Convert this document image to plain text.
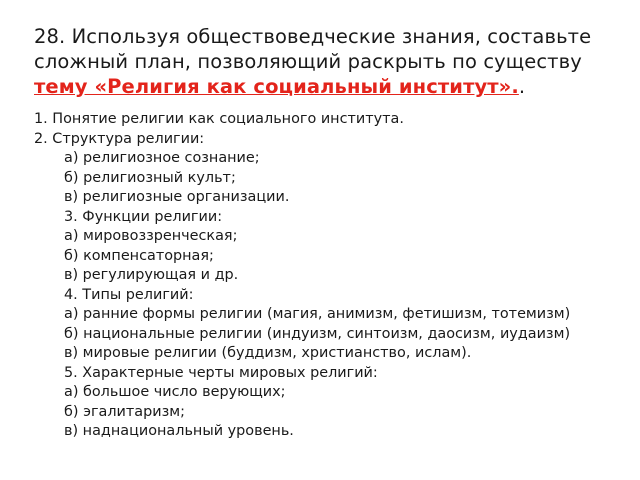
28. Используя обществоведческие знания, составьте сложный план, позволяющий раскрыть по существу тему «Религия как социальный институт»..
1. Понятие религии как социального института.
2. Структура религии:
а) религиозное сознание;
б) религиозный культ;
в) религиозные организации.
3. Функции религии:
а) мировоззренческая;
б) компенсаторная;
в) регулирующая и др.
4. Типы религий:
а) ранние формы религии (магия, анимизм, фетишизм, тотемизм)
б) национальные религии (индуизм, синтоизм, даосизм, иудаизм)
в) мировые религии (буддизм, христианство, ислам).
5. Характерные черты мировых религий:
а) большое число верующих;
б) эгалитаризм;
в) наднациональный уровень.
